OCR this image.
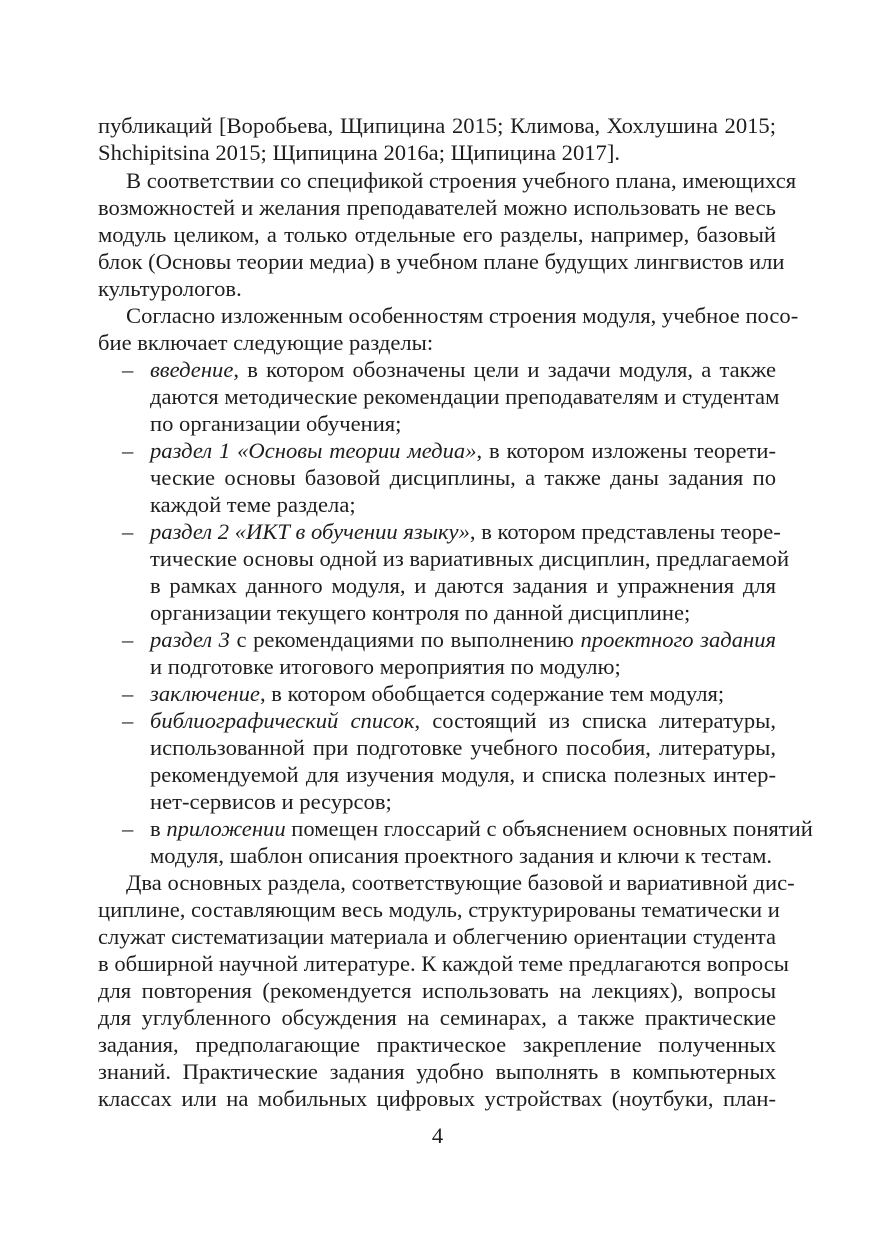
публикаций [Воробьева, Щипицина 2015; Климова, Хохлушина 2015;
Shchipitsina 2015; Щипицина 2016а; Щипицина 2017].
В соответствии со спецификой строения учебного плана, имеющихся
возможностей и желания преподавателей можно использовать не весь
модуль целиком, а только отдельные его разделы, например, базовый
блок (Основы теории медиа) в учебном плане будущих лингвистов или
культурологов.
Согласно изложенным особенностям строения модуля, учебное посо-
бие включает следующие разделы:
– введение, в котором обозначены цели и задачи модуля, а также
даются методические рекомендации преподавателям и студентам
по организации обучения;
– раздел 1 «Основы теории медиа», в котором изложены теорети-
ческие основы базовой дисциплины, а также даны задания по
каждой теме раздела;
– раздел 2 «ИКТ в обучении языку», в котором представлены теоре-
тические основы одной из вариативных дисциплин, предлагаемой
в рамках данного модуля, и даются задания и упражнения для
организации текущего контроля по данной дисциплине;
– раздел 3 с рекомендациями по выполнению проектного задания
и подготовке итогового мероприятия по модулю;
– заключение, в котором обобщается содержание тем модуля;
– библиографический список, состоящий из списка литературы,
использованной при подготовке учебного пособия, литературы,
рекомендуемой для изучения модуля, и списка полезных интер-
нет-сервисов и ресурсов;
– в приложении помещен глоссарий с объяснением основных понятий
модуля, шаблон описания проектного задания и ключи к тестам.
Два основных раздела, соответствующие базовой и вариативной дис-
циплине, составляющим весь модуль, структурированы тематически и
служат систематизации материала и облегчению ориентации студента
в обширной научной литературе. К каждой теме предлагаются вопросы
для повторения (рекомендуется использовать на лекциях), вопросы
для углубленного обсуждения на семинарах, а также практические
задания, предполагающие практическое закрепление полученных
знаний. Практические задания удобно выполнять в компьютерных
классах или на мобильных цифровых устройствах (ноутбуки, план-
4
